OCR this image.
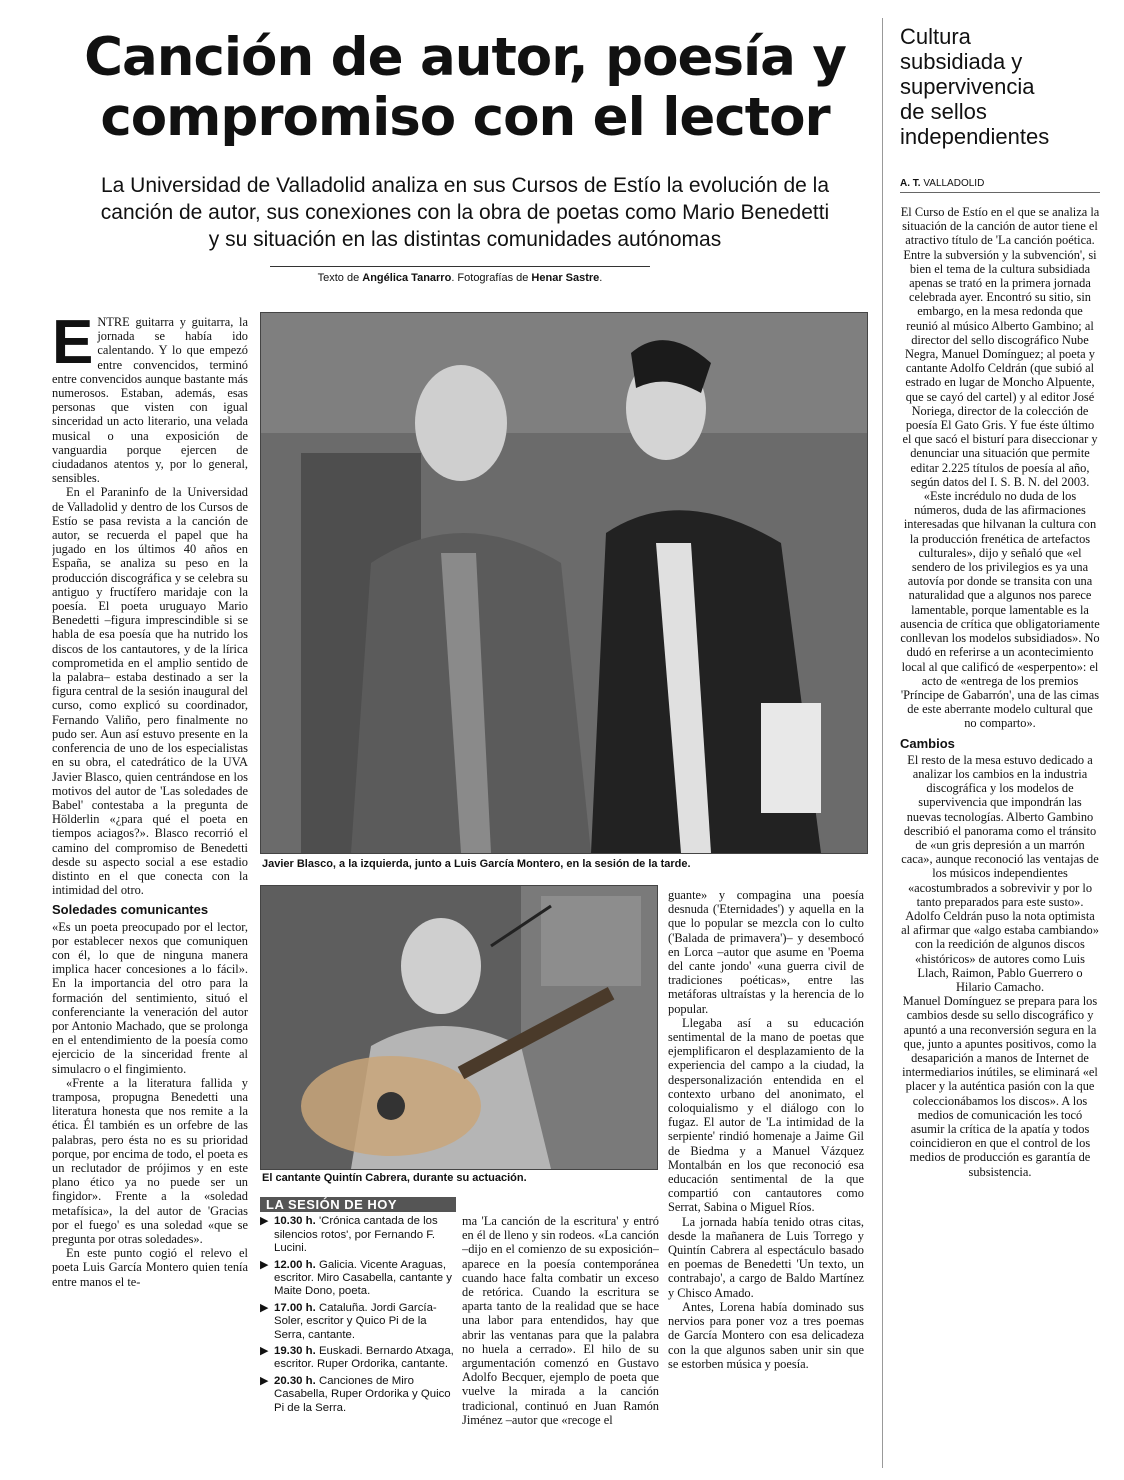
Canción de autor, poesía y
compromiso con el lector
La Universidad de Valladolid analiza en sus Cursos de Estío la evolución de la
canción de autor, sus conexiones con la obra de poetas como Mario Benedetti
y su situación en las distintas comunidades autónomas
Texto de Angélica Tanarro. Fotografías de Henar Sastre.
E NTRE guitarra y guitarra, la jornada se había ido calentando. Y lo que empezó entre convencidos, terminó entre convencidos aunque bastante más numerosos. Estaban, además, esas personas que visten con igual sinceridad un acto literario, una velada musical o una exposición de vanguardia porque ejercen de ciudadanos atentos y, por lo general, sensibles.

En el Paraninfo de la Universidad de Valladolid y dentro de los Cursos de Estío se pasa revista a la canción de autor, se recuerda el papel que ha jugado en los últimos 40 años en España, se analiza su peso en la producción discográfica y se celebra su antiguo y fructífero maridaje con la poesía. El poeta uruguayo Mario Benedetti –figura imprescindible si se habla de esa poesía que ha nutrido los discos de los cantautores, y de la lírica comprometida en el amplio sentido de la palabra– estaba destinado a ser la figura central de la sesión inaugural del curso, como explicó su coordinador, Fernando Valiño, pero finalmente no pudo ser. Aun así estuvo presente en la conferencia de uno de los especialistas en su obra, el catedrático de la UVA Javier Blasco, quien centrándose en los motivos del autor de 'Las soledades de Babel' contestaba a la pregunta de Hölderlin «¿para qué el poeta en tiempos aciagos?». Blasco recorrió el camino del compromiso de Benedetti desde su aspecto social a ese estadio distinto en el que conecta con la intimidad del otro.

Soledades comunicantes

«Es un poeta preocupado por el lector, por establecer nexos que comuniquen con él, lo que de ninguna manera implica hacer concesiones a lo fácil». En la importancia del otro para la formación del sentimiento, situó el conferenciante la veneración del autor por Antonio Machado, que se prolonga en el entendimiento de la poesía como ejercicio de la sinceridad frente al simulacro o el fingimiento.

«Frente a la literatura fallida y tramposa, propugna Benedetti una literatura honesta que nos remite a la ética. Él también es un orfebre de las palabras, pero ésta no es su prioridad porque, por encima de todo, el poeta es un reclutador de prójimos y en este plano ético ya no puede ser un fingidor». Frente a la «soledad metafísica», la del autor de 'Gracias por el fuego' es una soledad «que se pregunta por otras soledades».

En este punto cogió el relevo el poeta Luis García Montero quien tenía entre manos el te-

Javier Blasco, a la izquierda, junto a Luis García Montero, en la sesión de la tarde.
El cantante Quintín Cabrera, durante su actuación.

guante» y compagina una poesía desnuda ('Eternidades') y aquella en la que lo popular se mezcla con lo culto ('Balada de primavera')– y desembocó en Lorca –autor que asume en 'Poema del cante jondo' «una guerra civil de tradiciones poéticas», entre las metáforas ultraístas y la herencia de lo popular.

Llegaba así a su educación sentimental de la mano de poetas que ejemplificaron el desplazamiento de la experiencia del campo a la ciudad, la despersonalización entendida en el contexto urbano del anonimato, el coloquialismo y el diálogo con lo fugaz. El autor de 'La intimidad de la serpiente' rindió homenaje a Jaime Gil de Biedma y a Manuel Vázquez Montalbán en los que reconoció esa educación sentimental de la que compartió con cantautores como Serrat, Sabina o Miguel Ríos.

La jornada había tenido otras citas, desde la mañanera de Luis Torrego y Quintín Cabrera al espectáculo basado en poemas de Benedetti 'Un texto, un contrabajo', a cargo de Baldo Martínez y Chisco Amado.

Antes, Lorena había dominado sus nervios para poner voz a tres poemas de García Montero con esa delicadeza con la que algunos saben unir sin que se estorben música y poesía.

LA SESIÓN DE HOY
▶ 10.30 h. 'Crónica cantada de los silencios rotos', por Fernando F. Lucini.
▶ 12.00 h. Galicia. Vicente Araguas, escritor. Miro Casabella, cantante y Maite Dono, poeta.
▶ 17.00 h. Cataluña. Jordi García-Soler, escritor y Quico Pi de la Serra, cantante.
▶ 19.30 h. Euskadi. Bernardo Atxaga, escritor. Ruper Ordorika, cantante.
▶ 20.30 h. Canciones de Miro Casabella, Ruper Ordorika y Quico Pi de la Serra.

ma 'La canción de la escritura' y entró en él de lleno y sin rodeos. «La canción –dijo en el comienzo de su exposición– aparece en la poesía contemporánea cuando hace falta combatir un exceso de retórica. Cuando la escritura se aparta tanto de la realidad que se hace una labor para entendidos, hay que abrir las ventanas para que la palabra no huela a cerrado». El hilo de su argumentación comenzó en Gustavo Adolfo Becquer, ejemplo de poeta que vuelve la mirada a la canción tradicional, continuó en Juan Ramón Jiménez –autor que «recoge el

Cultura
subsidiada y
supervivencia
de sellos
independientes
A. T. VALLADOLID

El Curso de Estío en el que se analiza la situación de la canción de autor tiene el atractivo título de 'La canción poética. Entre la subversión y la subvención', si bien el tema de la cultura subsidiada apenas se trató en la primera jornada celebrada ayer. Encontró su sitio, sin embargo, en la mesa redonda que reunió al músico Alberto Gambino; al director del sello discográfico Nube Negra, Manuel Domínguez; al poeta y cantante Adolfo Celdrán (que subió al estrado en lugar de Moncho Alpuente, que se cayó del cartel) y al editor José Noriega, director de la colección de poesía El Gato Gris. Y fue éste último el que sacó el bisturí para diseccionar y denunciar una situación que permite editar 2.225 títulos de poesía al año, según datos del I. S. B. N. del 2003. «Este incrédulo no duda de los números, duda de las afirmaciones interesadas que hilvanan la cultura con la producción frenética de artefactos culturales», dijo y señaló que «el sendero de los privilegios es ya una autovía por donde se transita con una naturalidad que a algunos nos parece lamentable, porque lamentable es la ausencia de crítica que obligatoriamente conllevan los modelos subsidiados». No dudó en referirse a un acontecimiento local al que calificó de «esperpento»: el acto de «entrega de los premios 'Príncipe de Gabarrón', una de las cimas de este aberrante modelo cultural que no comparto».

Cambios

El resto de la mesa estuvo dedicado a analizar los cambios en la industria discográfica y los modelos de supervivencia que impondrán las nuevas tecnologías. Alberto Gambino describió el panorama como el tránsito de «un gris depresión a un marrón caca», aunque reconoció las ventajas de los músicos independientes «acostumbrados a sobrevivir y por lo tanto preparados para este susto». Adolfo Celdrán puso la nota optimista al afirmar que «algo estaba cambiando» con la reedición de algunos discos «históricos» de autores como Luis Llach, Raimon, Pablo Guerrero o Hilario Camacho.

Manuel Domínguez se prepara para los cambios desde su sello discográfico y apuntó a una reconversión segura en la que, junto a apuntes positivos, como la desaparición a manos de Internet de intermediarios inútiles, se eliminará «el placer y la auténtica pasión con la que coleccionábamos los discos». A los medios de comunicación les tocó asumir la crítica de la apatía y todos coincidieron en que el control de los medios de producción es garantía de subsistencia.
